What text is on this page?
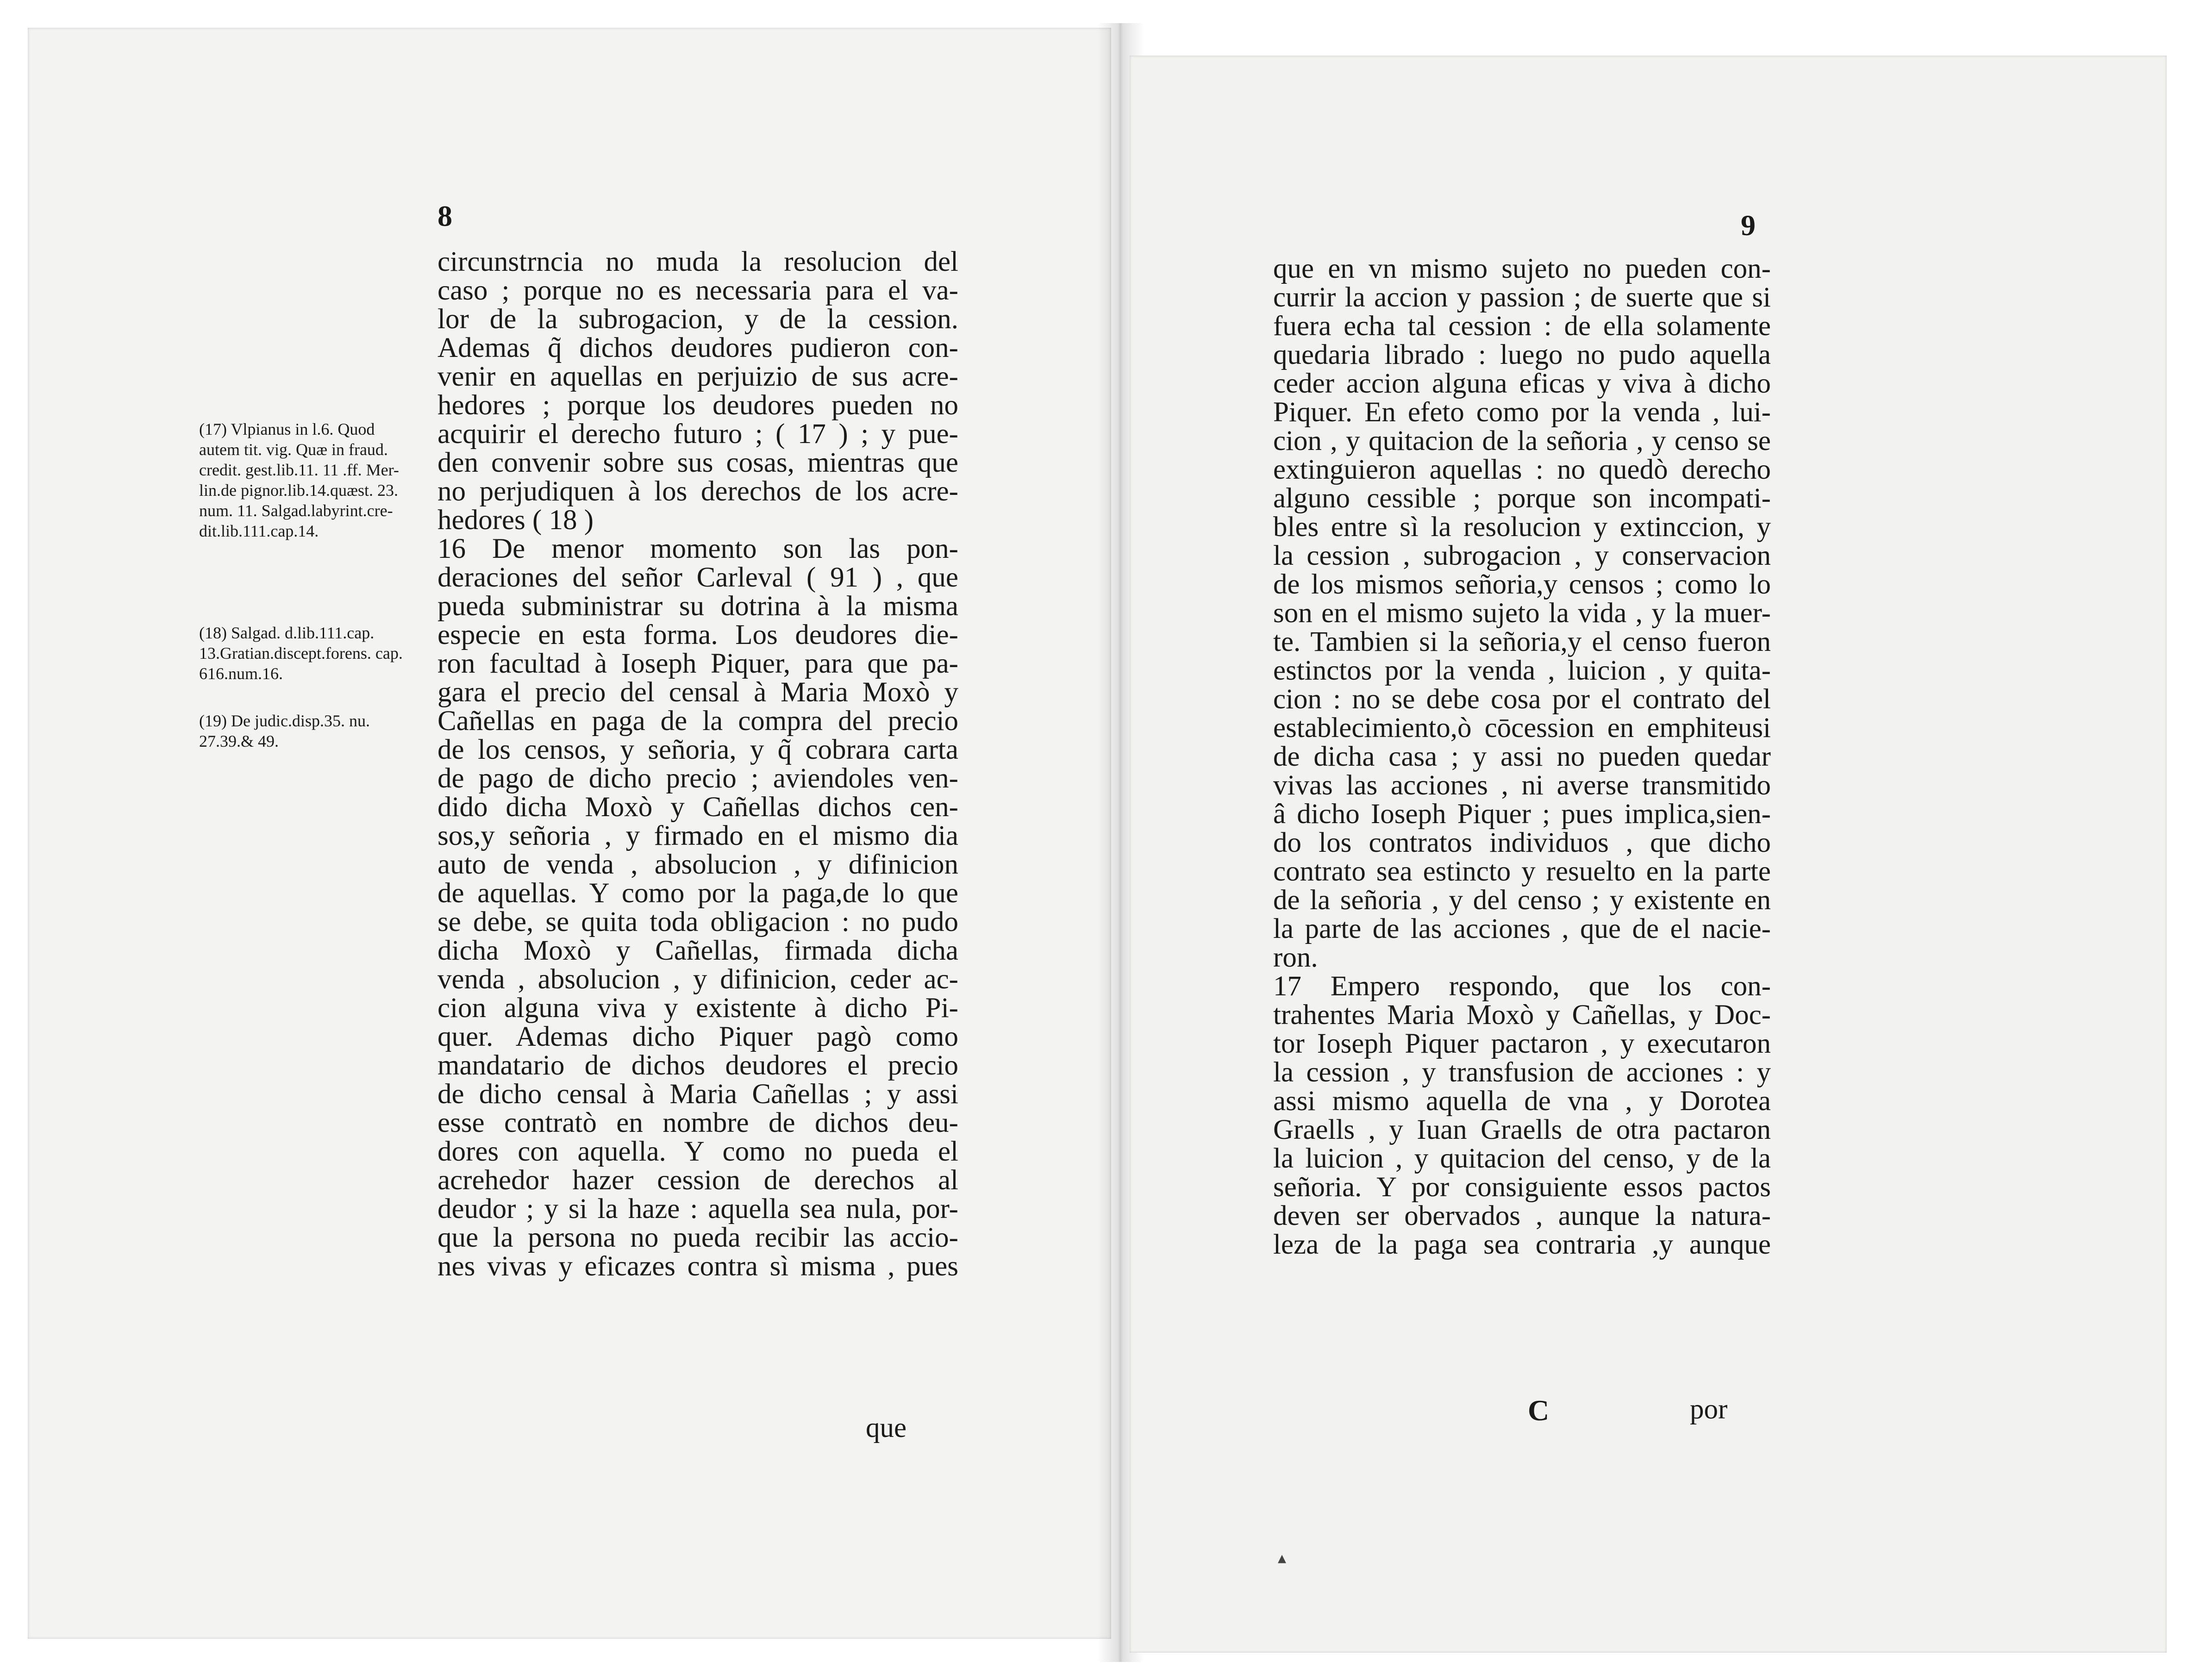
8
(17) Vlpianus in l.6. Quod
autem tit. vig. Quæ in fraud.
credit. gest.lib.11. 11 .ff. Mer-
lin.de pignor.lib.14.quæst. 23.
num. 11. Salgad.labyrint.cre-
dit.lib.111.cap.14.
(18) Salgad. d.lib.111.cap.
13.Gratian.discept.forens. cap.
616.num.16.
(19) De judic.disp.35. nu.
27.39.& 49.

circunstrncia no muda la resolucion del
caso ; porque no es necessaria para el va-
lor de la subrogacion, y de la cession.
Ademas q̃ dichos deudores pudieron con-
venir en aquellas en perjuizio de sus acre-
hedores ; porque los deudores pueden no
acquirir el derecho futuro ; ( 17 ) ; y pue-
den convenir sobre sus cosas, mientras que
no perjudiquen à los derechos de los acre-
hedores ( 18 )
16 De menor momento son las pon-
deraciones del señor Carleval ( 91 ) , que
pueda subministrar su dotrina à la misma
especie en esta forma. Los deudores die-
ron facultad à Ioseph Piquer, para que pa-
gara el precio del censal à Maria Moxò y
Cañellas en paga de la compra del precio
de los censos, y señoria, y q̃ cobrara carta
de pago de dicho precio ; aviendoles ven-
dido dicha Moxò y Cañellas dichos cen-
sos,y señoria , y firmado en el mismo dia
auto de venda , absolucion , y difinicion
de aquellas. Y como por la paga,de lo que
se debe, se quita toda obligacion : no pudo
dicha Moxò y Cañellas, firmada dicha
venda , absolucion , y difinicion, ceder ac-
cion alguna viva y existente à dicho Pi-
quer. Ademas dicho Piquer pagò como
mandatario de dichos deudores el precio
de dicho censal à Maria Cañellas ; y assi
esse contratò en nombre de dichos deu-
dores con aquella. Y como no pueda el
acrehedor hazer cession de derechos al
deudor ; y si la haze : aquella sea nula, por-
que la persona no pueda recibir las accio-
nes vivas y eficazes contra sì misma , pues

que
9

que en vn mismo sujeto no pueden con-
currir la accion y passion ; de suerte que si
fuera echa tal cession : de ella solamente
quedaria librado : luego no pudo aquella
ceder accion alguna eficas y viva à dicho
Piquer. En efeto como por la venda , lui-
cion , y quitacion de la señoria , y censo se
extinguieron aquellas : no quedò derecho
alguno cessible ; porque son incompati-
bles entre sì la resolucion y extinccion, y
la cession , subrogacion , y conservacion
de los mismos señoria,y censos ; como lo
son en el mismo sujeto la vida , y la muer-
te. Tambien si la señoria,y el censo fueron
estinctos por la venda , luicion , y quita-
cion : no se debe cosa por el contrato del
establecimiento,ò cōcession en emphiteusi
de dicha casa ; y assi no pueden quedar
vivas las acciones , ni averse transmitido
â dicho Ioseph Piquer ; pues implica,sien-
do los contratos individuos , que dicho
contrato sea estincto y resuelto en la parte
de la señoria , y del censo ; y existente en
la parte de las acciones , que de el nacie-
ron.
17 Empero respondo, que los con-
trahentes Maria Moxò y Cañellas, y Doc-
tor Ioseph Piquer pactaron , y executaron
la cession , y transfusion de acciones : y
assi mismo aquella de vna , y Dorotea
Graells , y Iuan Graells de otra pactaron
la luicion , y quitacion del censo, y de la
señoria. Y por consiguiente essos pactos
deven ser obervados , aunque la natura-
leza de la paga sea contraria ,y aunque

C	por
▴
